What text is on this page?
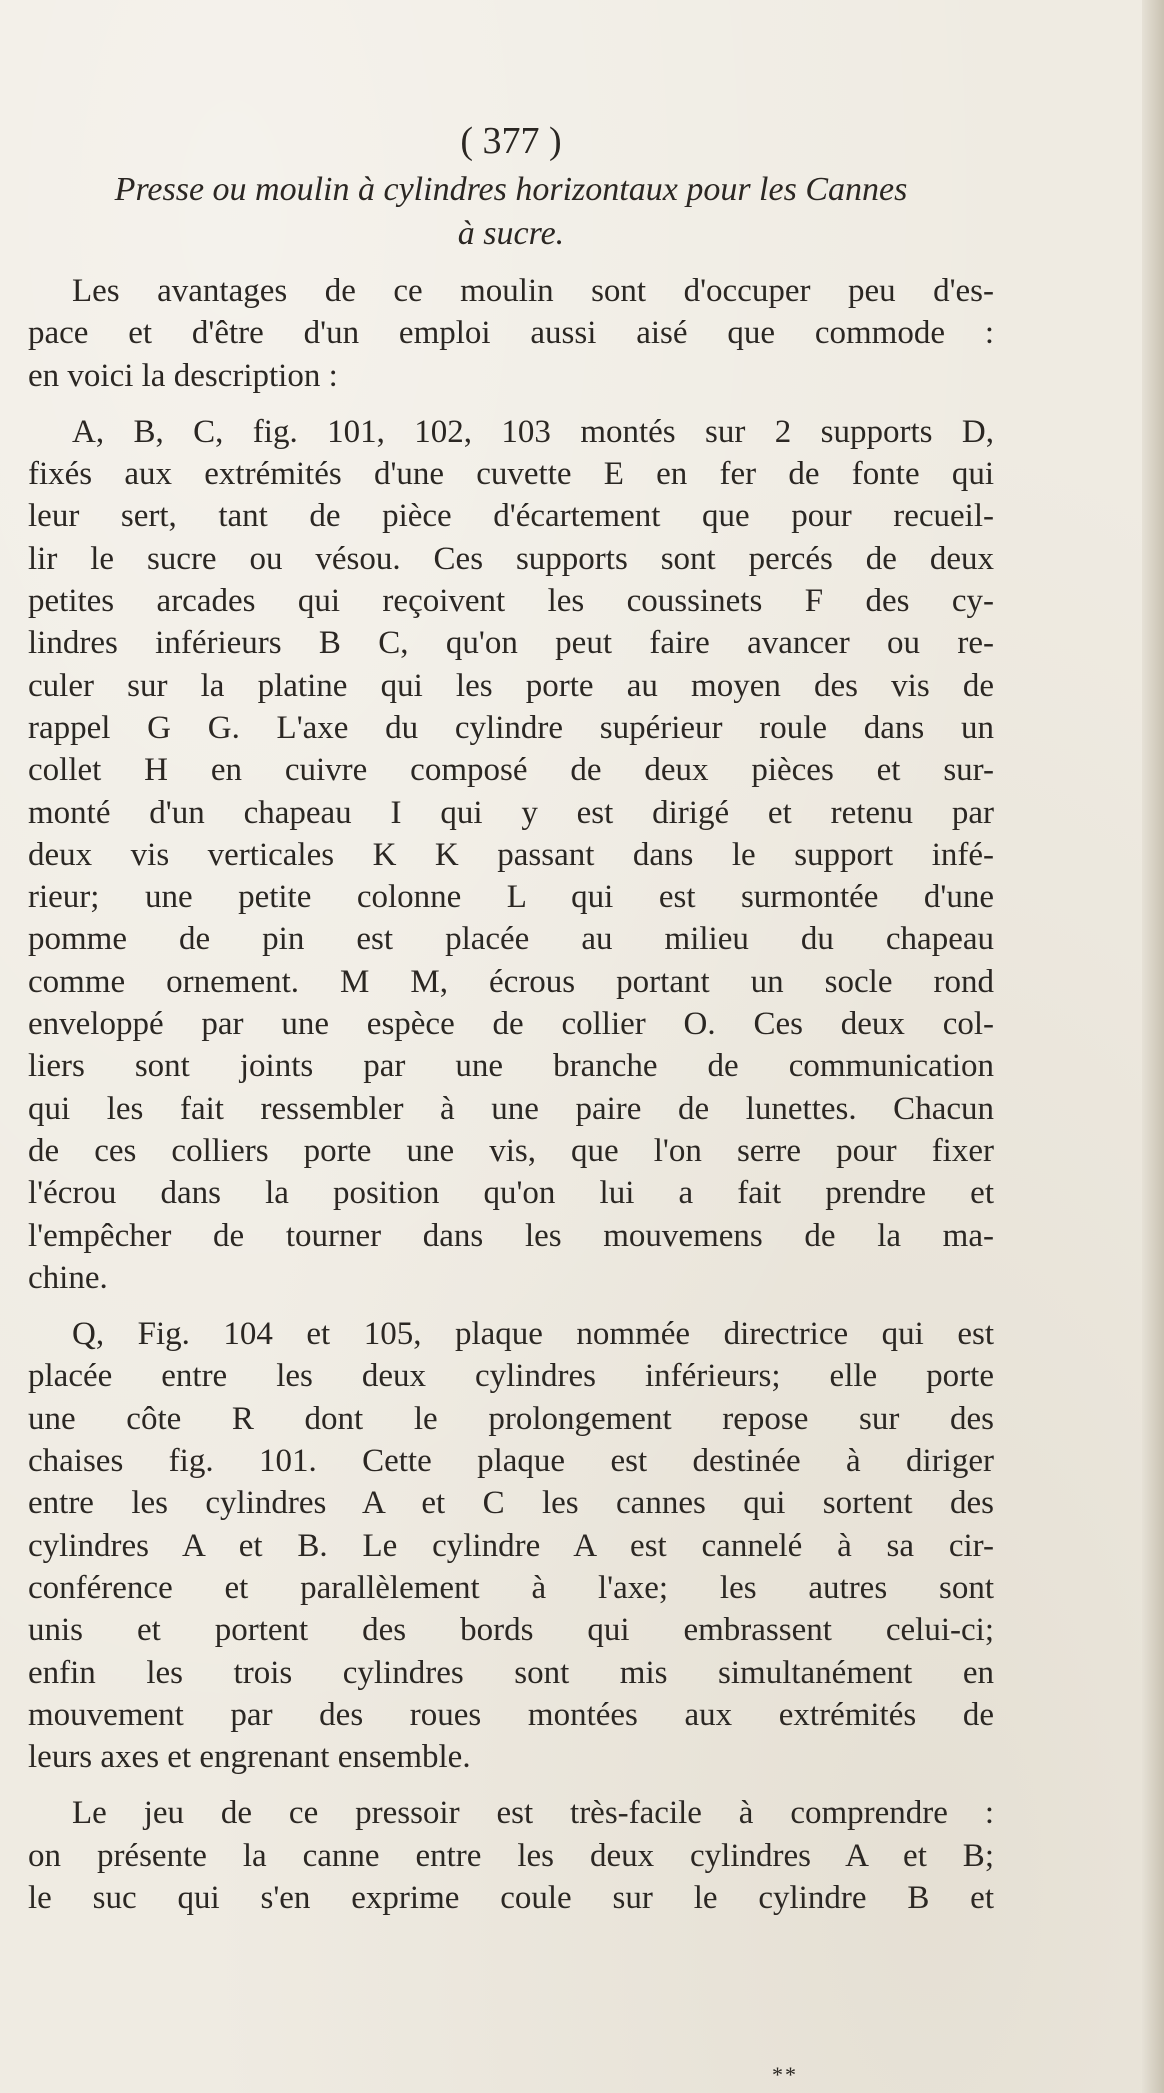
( 377 )
Presse ou moulin à cylindres horizontaux pour les Cannes
à sucre.
Les avantages de ce moulin sont d'occuper peu d'es-
pace et d'être d'un emploi aussi aisé que commode :
en voici la description :
A, B, C, fig. 101, 102, 103 montés sur 2 supports D,
fixés aux extrémités d'une cuvette E en fer de fonte qui
leur sert, tant de pièce d'écartement que pour recueil-
lir le sucre ou vésou. Ces supports sont percés de deux
petites arcades qui reçoivent les coussinets F des cy-
lindres inférieurs B C, qu'on peut faire avancer ou re-
culer sur la platine qui les porte au moyen des vis de
rappel G G. L'axe du cylindre supérieur roule dans un
collet H en cuivre composé de deux pièces et sur-
monté d'un chapeau I qui y est dirigé et retenu par
deux vis verticales K K passant dans le support infé-
rieur; une petite colonne L qui est surmontée d'une
pomme de pin est placée au milieu du chapeau
comme ornement. M M, écrous portant un socle rond
enveloppé par une espèce de collier O. Ces deux col-
liers sont joints par une branche de communication
qui les fait ressembler à une paire de lunettes. Chacun
de ces colliers porte une vis, que l'on serre pour fixer
l'écrou dans la position qu'on lui a fait prendre et
l'empêcher de tourner dans les mouvemens de la ma-
chine.
Q, Fig. 104 et 105, plaque nommée directrice qui est
placée entre les deux cylindres inférieurs; elle porte
une côte R dont le prolongement repose sur des
chaises fig. 101. Cette plaque est destinée à diriger
entre les cylindres A et C les cannes qui sortent des
cylindres A et B. Le cylindre A est cannelé à sa cir-
conférence et parallèlement à l'axe; les autres sont
unis et portent des bords qui embrassent celui-ci;
enfin les trois cylindres sont mis simultanément en
mouvement par des roues montées aux extrémités de
leurs axes et engrenant ensemble.
Le jeu de ce pressoir est très-facile à comprendre :
on présente la canne entre les deux cylindres A et B;
le suc qui s'en exprime coule sur le cylindre B et
**
